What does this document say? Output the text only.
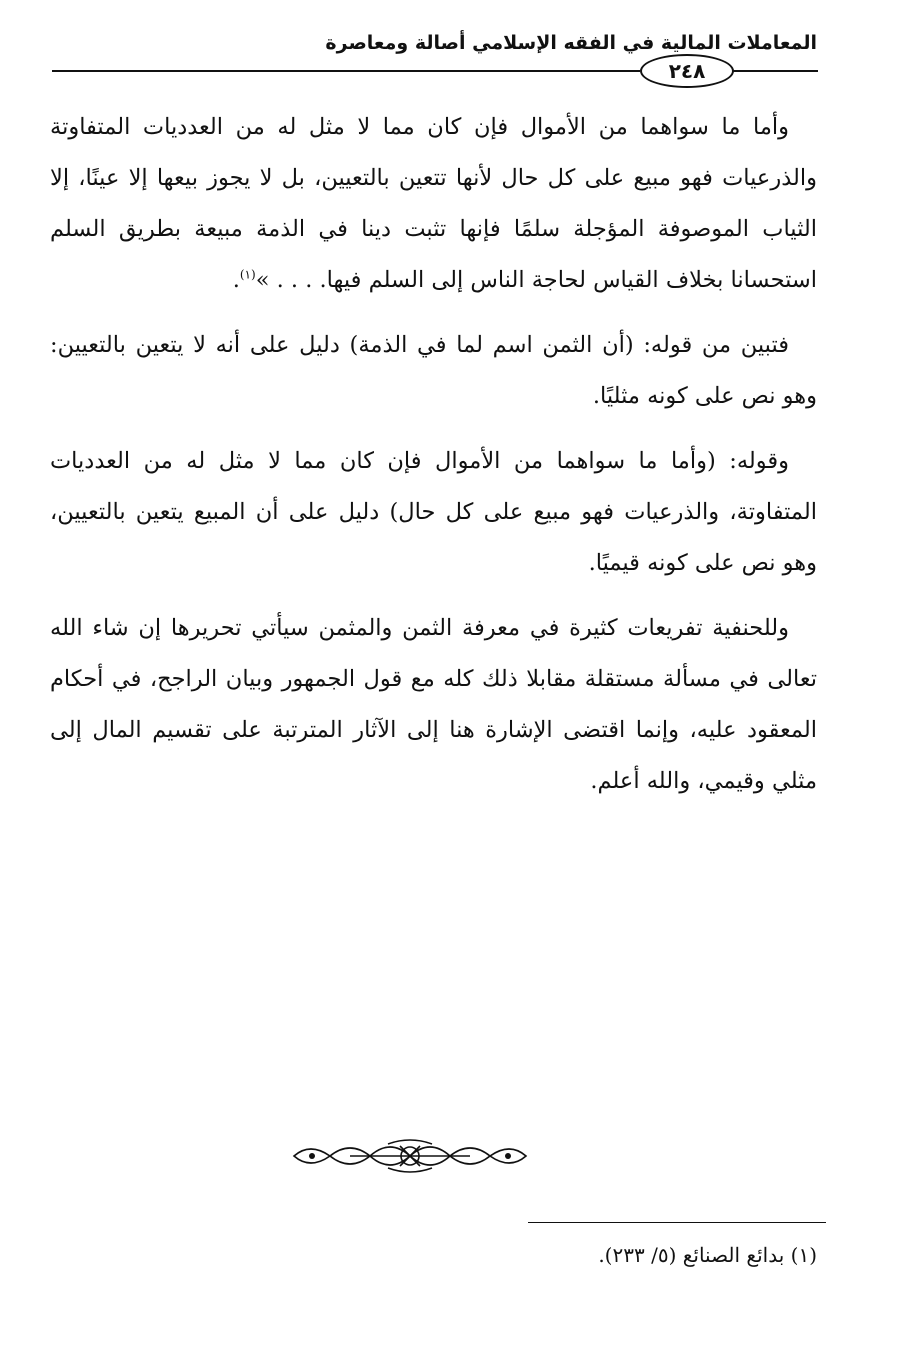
المعاملات المالية في الفقه الإسلامي أصالة ومعاصرة
٢٤٨

وأما ما سواهما من الأموال فإن كان مما لا مثل له من العدديات المتفاوتة والذرعيات فهو مبيع على كل حال لأنها تتعين بالتعيين، بل لا يجوز بيعها إلا عينًا، إلا الثياب الموصوفة المؤجلة سلمًا فإنها تثبت دينا في الذمة مبيعة بطريق السلم استحسانا بخلاف القياس لحاجة الناس إلى السلم فيها. . . . »$^{(١)}$.

فتبين من قوله: (أن الثمن اسم لما في الذمة) دليل على أنه لا يتعين بالتعيين: وهو نص على كونه مثليًا.

وقوله: (وأما ما سواهما من الأموال فإن كان مما لا مثل له من العدديات المتفاوتة، والذرعيات فهو مبيع على كل حال) دليل على أن المبيع يتعين بالتعيين، وهو نص على كونه قيميًا.

وللحنفية تفريعات كثيرة في معرفة الثمن والمثمن سيأتي تحريرها إن شاء الله تعالى في مسألة مستقلة مقابلا ذلك كله مع قول الجمهور وبيان الراجح، في أحكام المعقود عليه، وإنما اقتضى الإشارة هنا إلى الآثار المترتبة على تقسيم المال إلى مثلي وقيمي، والله أعلم.

(١) بدائع الصنائع (٥/ ٢٣٣).
